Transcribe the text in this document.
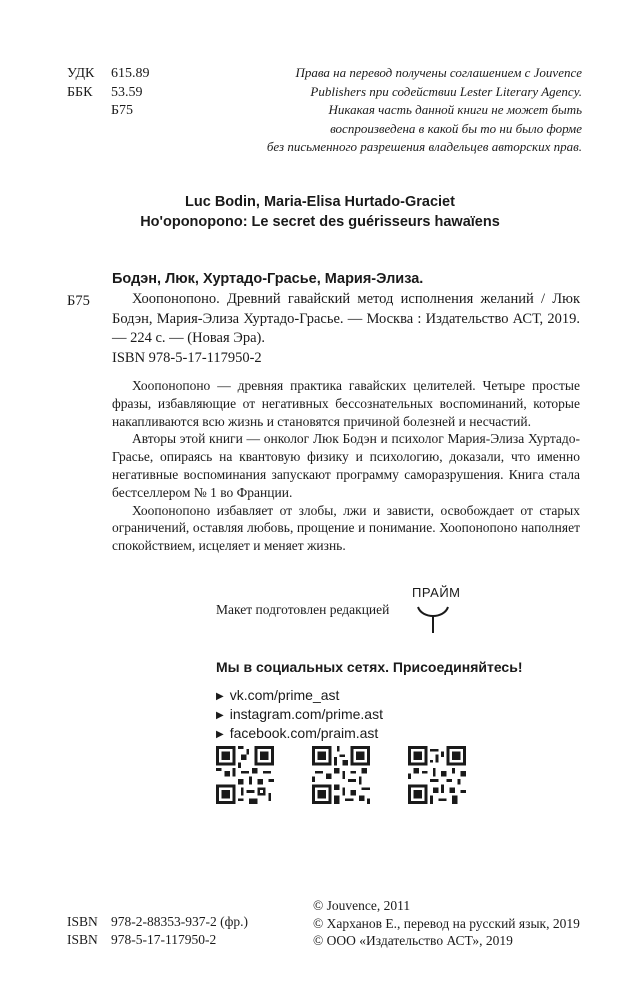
УДК 615.89
ББК 53.59
Б75
Права на перевод получены соглашением с Jouvence
Publishers при содействии Lester Literary Agency.
Никакая часть данной книги не может быть
воспроизведена в какой бы то ни было форме
без письменного разрешения владельцев авторских прав.
Luc Bodin, Maria-Elisa Hurtado-Graciet
Ho'oponopono: Le secret des guérisseurs hawaïens
Бодэн, Люк, Хуртадо-Грасье, Мария-Элиза.
Б75	Хоопонопоно. Древний гавайский метод исполнения желаний / Люк Бодэн, Мария-Элиза Хуртадо-Грасье. — Москва : Издательство АСТ, 2019. — 224 с. — (Новая Эра).
ISBN 978-5-17-117950-2

Хоопонопоно — древняя практика гавайских целителей. Четыре простые фразы, избавляющие от негативных бессознательных воспоминаний, которые накапливаются всю жизнь и становятся причиной болезней и несчастий.

Авторы этой книги — онколог Люк Бодэн и психолог Мария-Элиза Хуртадо-Грасье, опираясь на квантовую физику и психологию, доказали, что именно негативные воспоминания запускают программу саморазрушения. Книга стала бестселлером № 1 во Франции.

Хоопонопоно избавляет от злобы, лжи и зависти, освобождает от старых ограничений, оставляя любовь, прощение и понимание. Хоопонопоно наполняет спокойствием, исцеляет и меняет жизнь.

Макет подготовлен редакцией
ПРАЙМ
Мы в социальных сетях. Присоединяйтесь!
▶ vk.com/prime_ast
▶ instagram.com/prime.ast
▶ facebook.com/praim.ast
© Jouvence, 2011
© Харханов Е., перевод на русский язык, 2019
© ООО «Издательство АСТ», 2019
ISBN 978-2-88353-937-2 (фр.)
ISBN 978-5-17-117950-2
